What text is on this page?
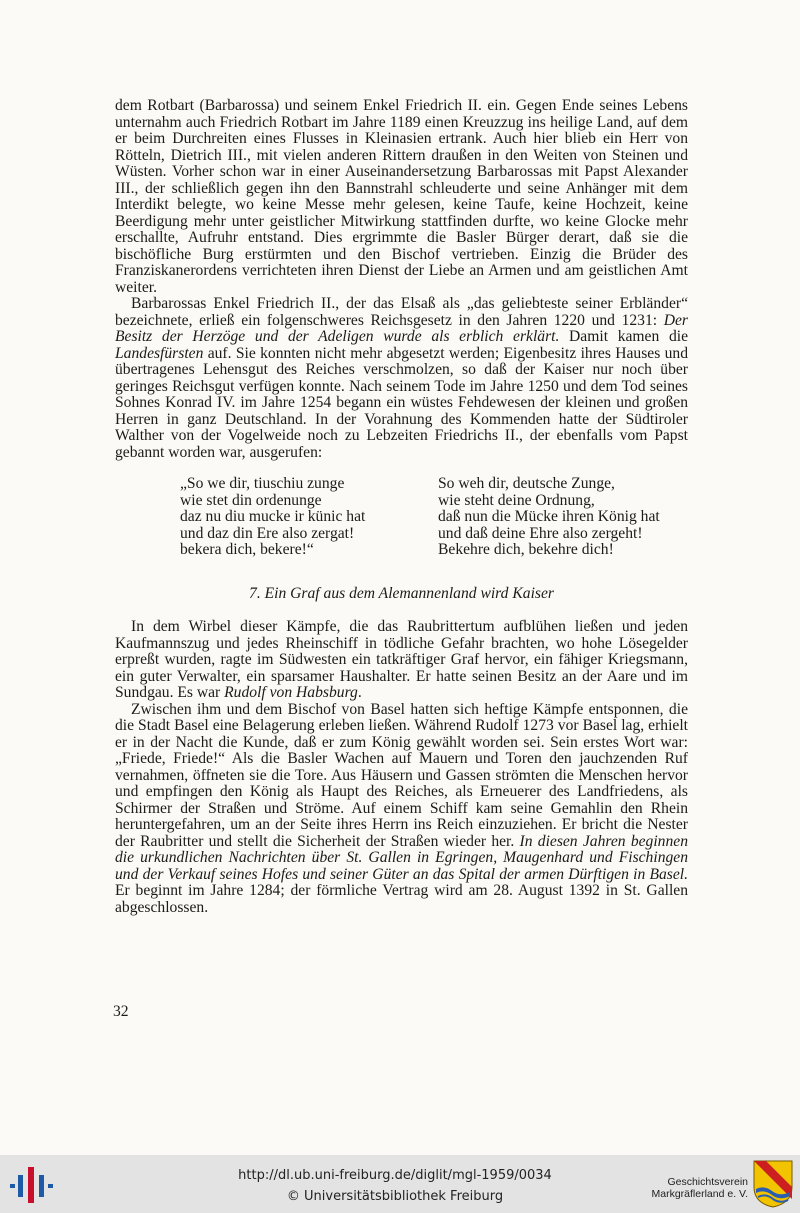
dem Rotbart (Barbarossa) und seinem Enkel Friedrich II. ein. Gegen Ende seines Lebens unternahm auch Friedrich Rotbart im Jahre 1189 einen Kreuzzug ins heilige Land, auf dem er beim Durchreiten eines Flusses in Kleinasien ertrank. Auch hier blieb ein Herr von Rötteln, Dietrich III., mit vielen anderen Rittern draußen in den Weiten von Steinen und Wüsten. Vorher schon war in einer Auseinandersetzung Barbarossas mit Papst Alexander III., der schließlich gegen ihn den Bannstrahl schleuderte und seine Anhänger mit dem Interdikt belegte, wo keine Messe mehr gelesen, keine Taufe, keine Hochzeit, keine Beerdigung mehr unter geistlicher Mitwirkung stattfinden durfte, wo keine Glocke mehr erschallte, Aufruhr entstand. Dies ergrimmte die Basler Bürger derart, daß sie die bischöfliche Burg erstürmten und den Bischof vertrieben. Einzig die Brüder des Franziskanerordens verrichteten ihren Dienst der Liebe an Armen und am geistlichen Amt weiter.

Barbarossas Enkel Friedrich II., der das Elsaß als „das geliebteste seiner Erbländer“ bezeichnete, erließ ein folgenschweres Reichsgesetz in den Jahren 1220 und 1231: Der Besitz der Herzöge und der Adeligen wurde als erblich erklärt. Damit kamen die Landesfürsten auf. Sie konnten nicht mehr abgesetzt werden; Eigenbesitz ihres Hauses und übertragenes Lehensgut des Reiches verschmolzen, so daß der Kaiser nur noch über geringes Reichsgut verfügen konnte. Nach seinem Tode im Jahre 1250 und dem Tod seines Sohnes Konrad IV. im Jahre 1254 begann ein wüstes Fehdewesen der kleinen und großen Herren in ganz Deutschland. In der Vorahnung des Kommenden hatte der Südtiroler Walther von der Vogelweide noch zu Lebzeiten Friedrichs II., der ebenfalls vom Papst gebannt worden war, ausgerufen:

„So we dir, tiuschiu zunge
wie stet din ordenunge
daz nu diu mucke ir künic hat
und daz din Ere also zergat!
bekera dich, bekere!“
So weh dir, deutsche Zunge,
wie steht deine Ordnung,
daß nun die Mücke ihren König hat
und daß deine Ehre also zergeht!
Bekehre dich, bekehre dich!
7. Ein Graf aus dem Alemannenland wird Kaiser

In dem Wirbel dieser Kämpfe, die das Raubrittertum aufblühen ließen und jeden Kaufmannszug und jedes Rheinschiff in tödliche Gefahr brachten, wo hohe Lösegelder erpreßt wurden, ragte im Südwesten ein tatkräftiger Graf hervor, ein fähiger Kriegsmann, ein guter Verwalter, ein sparsamer Haushalter. Er hatte seinen Besitz an der Aare und im Sundgau. Es war Rudolf von Habsburg.

Zwischen ihm und dem Bischof von Basel hatten sich heftige Kämpfe entsponnen, die die Stadt Basel eine Belagerung erleben ließen. Während Rudolf 1273 vor Basel lag, erhielt er in der Nacht die Kunde, daß er zum König gewählt worden sei. Sein erstes Wort war: „Friede, Friede!“ Als die Basler Wachen auf Mauern und Toren den jauchzenden Ruf vernahmen, öffneten sie die Tore. Aus Häusern und Gassen strömten die Menschen hervor und empfingen den König als Haupt des Reiches, als Erneuerer des Landfriedens, als Schirmer der Straßen und Ströme. Auf einem Schiff kam seine Gemahlin den Rhein heruntergefahren, um an der Seite ihres Herrn ins Reich einzuziehen. Er bricht die Nester der Raubritter und stellt die Sicherheit der Straßen wieder her. In diesen Jahren beginnen die urkundlichen Nachrichten über St. Gallen in Egringen, Maugenhard und Fischingen und der Verkauf seines Hofes und seiner Güter an das Spital der armen Dürftigen in Basel. Er beginnt im Jahre 1284; der förmliche Vertrag wird am 28. August 1392 in St. Gallen abgeschlossen.

32
http://dl.ub.uni-freiburg.de/diglit/mgl-1959/0034
© Universitätsbibliothek Freiburg
Geschichtsverein
Markgräflerland e. V.
